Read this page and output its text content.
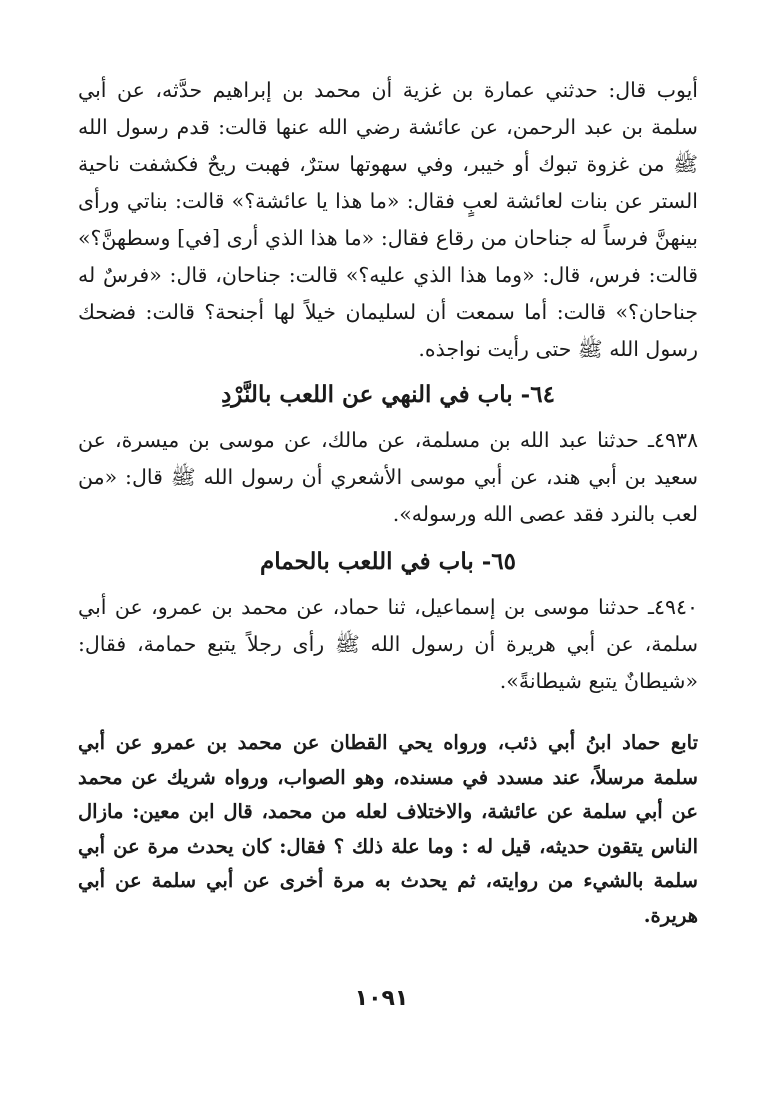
أيوب قال: حدثني عمارة بن غزية أن محمد بن إبراهيم حدَّثه، عن أبي سلمة بن عبد الرحمن، عن عائشة رضي الله عنها قالت: قدم رسول الله ﷺ من غزوة تبوك أو خيبر، وفي سهوتها سترٌ، فهبت ريحٌ فكشفت ناحية الستر عن بنات لعائشة لعبٍ فقال: «ما هذا يا عائشة؟» قالت: بناتي ورأى بينهنَّ فرساً له جناحان من رقاع فقال: «ما هذا الذي أرى [في] وسطهنَّ؟» قالت: فرس، قال: «وما هذا الذي عليه؟» قالت: جناحان، قال: «فرسٌ له جناحان؟» قالت: أما سمعت أن لسليمان خيلاً لها أجنحة؟ قالت: فضحك رسول الله ﷺ حتى رأيت نواجذه.

٦٤- باب في النهي عن اللعب بالنَّرْدِ

٤٩٣٨ـ حدثنا عبد الله بن مسلمة، عن مالك، عن موسى بن ميسرة، عن سعيد بن أبي هند، عن أبي موسى الأشعري أن رسول الله ﷺ قال: «من لعب بالنرد فقد عصى الله ورسوله».

٦٥- باب في اللعب بالحمام

٤٩٤٠ـ حدثنا موسى بن إسماعيل، ثنا حماد، عن محمد بن عمرو، عن أبي سلمة، عن أبي هريرة أن رسول الله ﷺ رأى رجلاً يتبع حمامة، فقال: «شيطانٌ يتبع شيطانةً».

تابع حماد ابنُ أبي ذئب، ورواه يحي القطان عن محمد بن عمرو عن أبي سلمة مرسلاً، عند مسدد في مسنده، وهو الصواب، ورواه شريك عن محمد عن أبي سلمة عن عائشة، والاختلاف لعله من محمد، قال ابن معين: مازال الناس يتقون حديثه، قيل له : وما علة ذلك ؟ فقال: كان يحدث مرة عن أبي سلمة بالشيء من روايته، ثم يحدث به مرة أخرى عن أبي سلمة عن أبي هريرة.

١٠٩١
